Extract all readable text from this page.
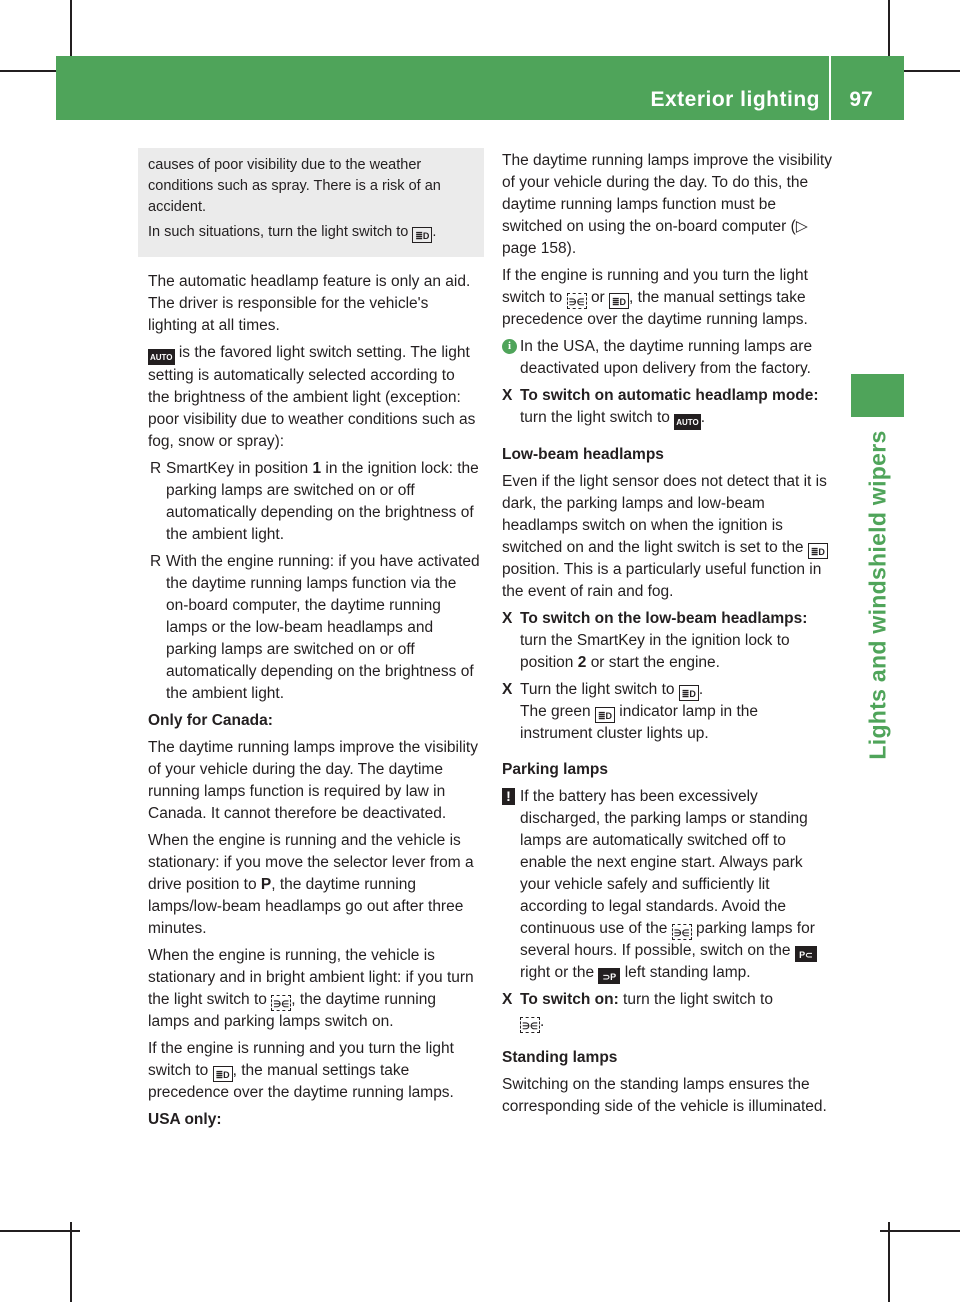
Exterior lighting	97
Lights and windshield wipers

causes of poor visibility due to the weather conditions such as spray. There is a risk of an accident.

In such situations, turn the light switch to ≣D .

The automatic headlamp feature is only an aid. The driver is responsible for the vehicle's lighting at all times.

AUTO is the favored light switch setting. The light setting is automatically selected according to the brightness of the ambient light (exception: poor visibility due to weather conditions such as fog, snow or spray):

R SmartKey in position 1 in the ignition lock: the parking lamps are switched on or off automatically depending on the brightness of the ambient light.

R With the engine running: if you have activated the daytime running lamps function via the on-board computer, the daytime running lamps or the low-beam headlamps and parking lamps are switched on or off automatically depending on the brightness of the ambient light.

Only for Canada:

The daytime running lamps improve the visibility of your vehicle during the day. The daytime running lamps function is required by law in Canada. It cannot therefore be deactivated.

When the engine is running and the vehicle is stationary: if you move the selector lever from a drive position to P, the daytime running lamps/low-beam headlamps go out after three minutes.

When the engine is running, the vehicle is stationary and in bright ambient light: if you turn the light switch to ∋∈ , the daytime running lamps and parking lamps switch on.

If the engine is running and you turn the light switch to ≣D , the manual settings take precedence over the daytime running lamps.

USA only:

The daytime running lamps improve the visibility of your vehicle during the day. To do this, the daytime running lamps function must be switched on using the on-board computer (▷ page 158).

If the engine is running and you turn the light switch to ∋∈ or ≣D , the manual settings take precedence over the daytime running lamps.

i In the USA, the daytime running lamps are deactivated upon delivery from the factory.

X To switch on automatic headlamp mode: turn the light switch to AUTO .

Low-beam headlamps

Even if the light sensor does not detect that it is dark, the parking lamps and low-beam headlamps switch on when the ignition is switched on and the light switch is set to the ≣D position. This is a particularly useful function in the event of rain and fog.

X To switch on the low-beam headlamps: turn the SmartKey in the ignition lock to position 2 or start the engine.

X Turn the light switch to ≣D .
The green ≣D indicator lamp in the instrument cluster lights up.

Parking lamps

! If the battery has been excessively discharged, the parking lamps or standing lamps are automatically switched off to enable the next engine start. Always park your vehicle safely and sufficiently lit according to legal standards. Avoid the continuous use of the ∋∈ parking lamps for several hours. If possible, switch on the P⊂ right or the ⊃P left standing lamp.

X To switch on: turn the light switch to
∋∈ .

Standing lamps

Switching on the standing lamps ensures the corresponding side of the vehicle is illuminated.
